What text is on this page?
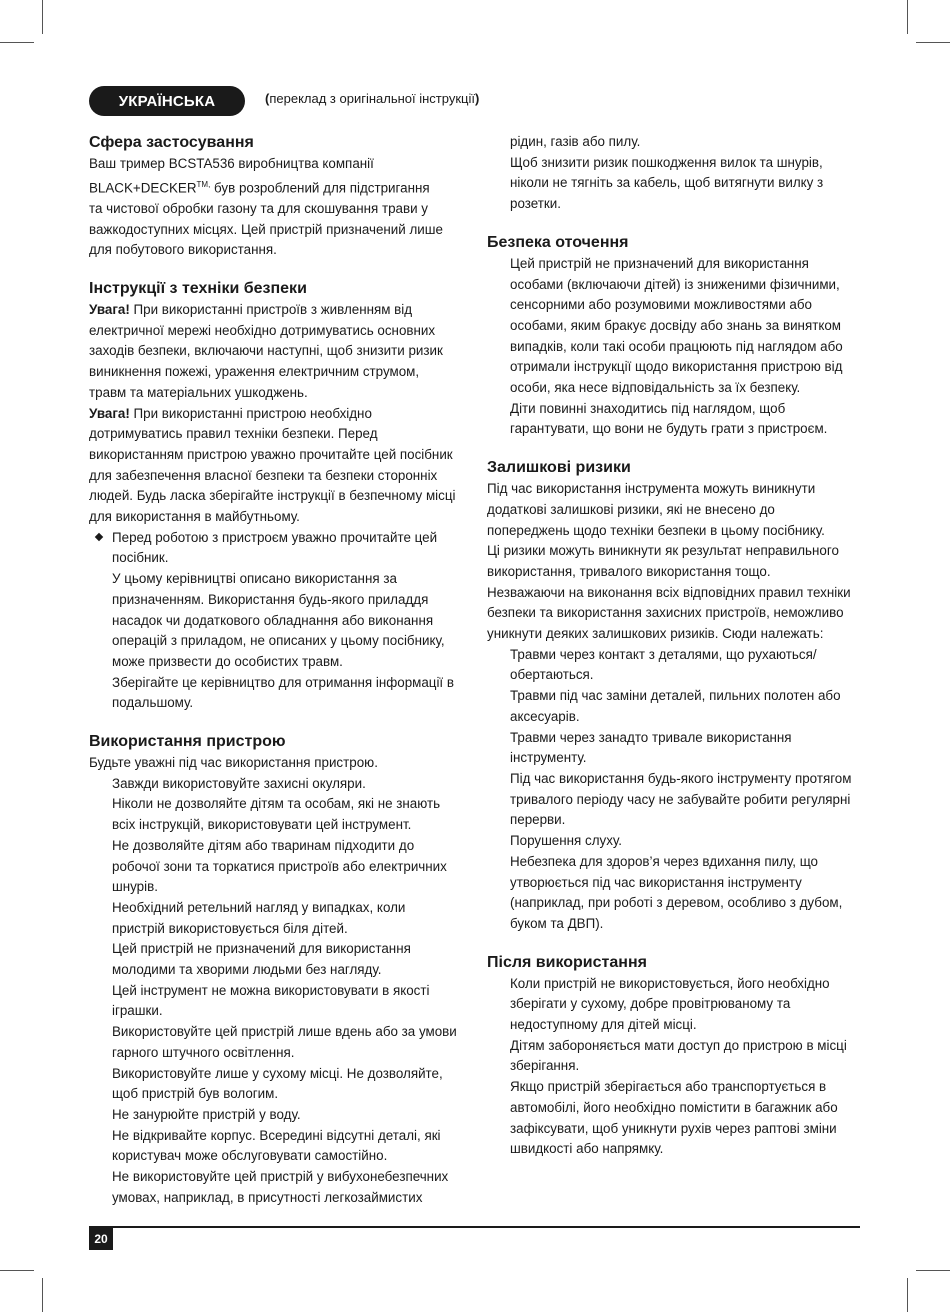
УКРАЇНСЬКА	(переклад з оригінальної інструкції)
Сфера застосування

Ваш тример BCSTA536 виробництва компанії

$BLACK+DECKER^{TM,}$ був розроблений для підстригання

та чистової обробки газону та для скошування трави у

важкодоступних місцях. Цей пристрій призначений лише

для побутового використання.

Інструкції з техніки безпеки

Увага! При використанні пристроїв з живленням від

електричної мережі необхідно дотримуватись основних

заходів безпеки, включаючи наступні, щоб знизити ризик

виникнення пожежі, ураження електричним струмом,

травм та матеріальних ушкоджень.

Увага! При використанні пристрою необхідно

дотримуватись правил техніки безпеки. Перед

використанням пристрою уважно прочитайте цей посібник

для забезпечення власної безпеки та безпеки сторонніх

людей. Будь ласка зберігайте інструкції в безпечному місці

для використання в майбутньому.

Перед роботою з пристроєм уважно прочитайте цей

посібник.

У цьому керівництві описано використання за

призначенням. Використання будь-якого приладдя

насадок чи додаткового обладнання або виконання

операцій з приладом, не описаних у цьому посібнику,

може призвести до особистих травм.

Зберігайте це керівництво для отримання інформації в

подальшому.

Використання пристрою

Будьте уважні під час використання пристрою.

Завжди використовуйте захисні окуляри.

Ніколи не дозволяйте дітям та особам, які не знають

всіх інструкцій, використовувати цей інструмент.

Не дозволяйте дітям або тваринам підходити до

робочої зони та торкатися пристроїв або електричних

шнурів.

Необхідний ретельний нагляд у випадках, коли

пристрій використовується біля дітей.

Цей пристрій не призначений для використання

молодими та хворими людьми без нагляду.

Цей інструмент не можна використовувати в якості

іграшки.

Використовуйте цей пристрій лише вдень або за умови

гарного штучного освітлення.

Використовуйте лише у сухому місці. Не дозволяйте,

щоб пристрій був вологим.

Не занурюйте пристрій у воду.

Не відкривайте корпус. Всередині відсутні деталі, які

користувач може обслуговувати самостійно.

Не використовуйте цей пристрій у вибухонебезпечних

умовах, наприклад, в присутності легкозаймистих

рідин, газів або пилу.

Щоб знизити ризик пошкодження вилок та шнурів,

ніколи не тягніть за кабель, щоб витягнути вилку з

розетки.

Безпека оточення

Цей пристрій не призначений для використання

особами (включаючи дітей) із зниженими фізичними,

сенсорними або розумовими можливостями або

особами, яким бракує досвіду або знань за винятком

випадків, коли такі особи працюють під наглядом або

отримали інструкції щодо використання пристрою від

особи, яка несе відповідальність за їх безпеку.

Діти повинні знаходитись під наглядом, щоб

гарантувати, що вони не будуть грати з пристроєм.

Залишкові ризики

Під час використання інструмента можуть виникнути

додаткові залишкові ризики, які не внесено до

попереджень щодо техніки безпеки в цьому посібнику.

Ці ризики можуть виникнути як результат неправильного

використання, тривалого використання тощо.

Незважаючи на виконання всіх відповідних правил техніки

безпеки та використання захисних пристроїв, неможливо

уникнути деяких залишкових ризиків. Сюди належать:

Травми через контакт з деталями, що рухаються/

обертаються.

Травми під час заміни деталей, пильних полотен або

аксесуарів.

Травми через занадто тривале використання

інструменту.

Під час використання будь-якого інструменту протягом

тривалого періоду часу не забувайте робити регулярні

перерви.

Порушення слуху.

Небезпека для здоров’я через вдихання пилу, що

утворюється під час використання інструменту

(наприклад, при роботі з деревом, особливо з дубом,

буком та ДВП).

Після використання

Коли пристрій не використовується, його необхідно

зберігати у сухому, добре провітрюваному та

недоступному для дітей місці.

Дітям забороняється мати доступ до пристрою в місці

зберігання.

Якщо пристрій зберігається або транспортується в

автомобілі, його необхідно помістити в багажник або

зафіксувати, щоб уникнути рухів через раптові зміни

швидкості або напрямку.

20
